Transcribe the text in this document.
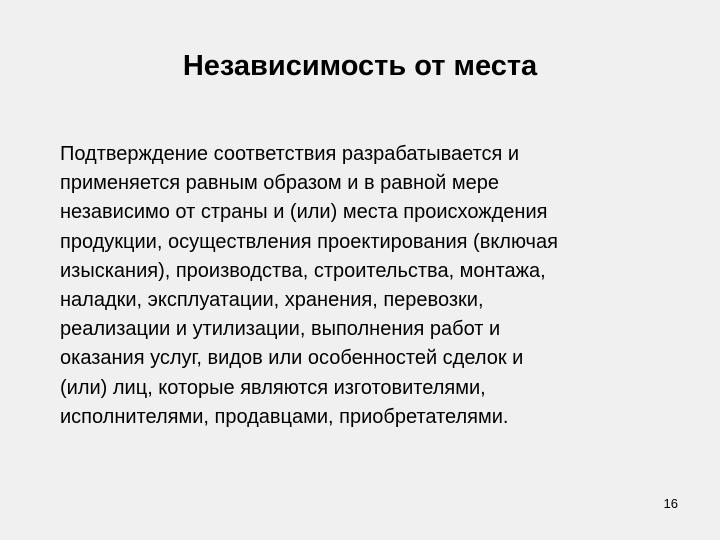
Независимость от места
Подтверждение соответствия разрабатывается и
применяется равным образом и в равной мере
независимо от страны и (или) места происхождения
продукции, осуществления проектирования (включая
изыскания), производства, строительства, монтажа,
наладки, эксплуатации, хранения, перевозки,
реализации и утилизации, выполнения работ и
оказания услуг, видов или особенностей сделок и
(или) лиц, которые являются изготовителями,
исполнителями, продавцами, приобретателями.
16
